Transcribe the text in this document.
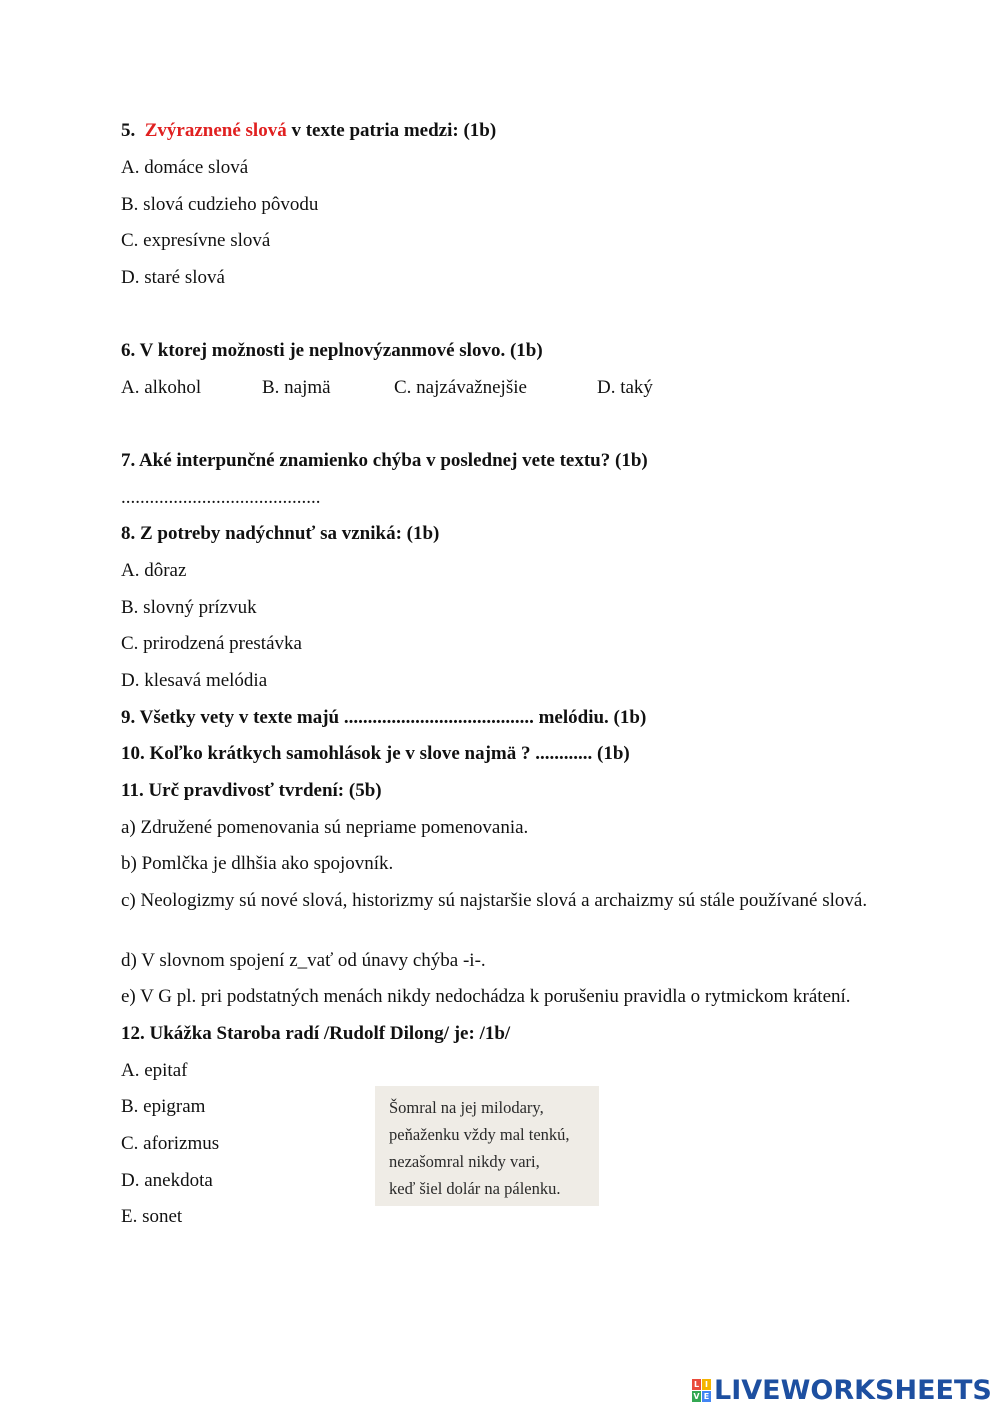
5. Zvýraznené slová v texte patria medzi: (1b)
A. domáce slová
B. slová cudzieho pôvodu
C. expresívne slová
D. staré slová
6. V ktorej možnosti je neplnovýzanmové slovo. (1b)
A. alkohol	B. najmä	C. najzávažnejšie	D. taký
7. Aké interpunčné znamienko chýba v poslednej vete textu? (1b)
..........................................
8. Z potreby nadýchnuť sa vzniká: (1b)
A. dôraz
B. slovný prízvuk
C. prirodzená prestávka
D. klesavá melódia
9. Všetky vety v texte majú ........................................ melódiu. (1b)
10. Koľko krátkych samohlások je v slove najmä ? ............ (1b)
11. Urč pravdivosť tvrdení: (5b)
a) Združené pomenovania sú nepriame pomenovania.
b) Pomlčka je dlhšia ako spojovník.
c) Neologizmy sú nové slová, historizmy sú najstaršie slová a archaizmy sú stále používané slová.
d) V slovnom spojení z_vať od únavy chýba -i-.
e) V G pl. pri podstatných menách nikdy nedochádza k porušeniu pravidla o rytmickom krátení.
12. Ukážka Staroba radí /Rudolf Dilong/ je: /1b/
A. epitaf
B. epigram
C. aforizmus
D. anekdota
E. sonet
Šomral na jej milodary,
peňaženku vždy mal tenkú,
nezašomral nikdy vari,
keď šiel dolár na pálenku.
L I
V E LIVEWORKSHEETS
